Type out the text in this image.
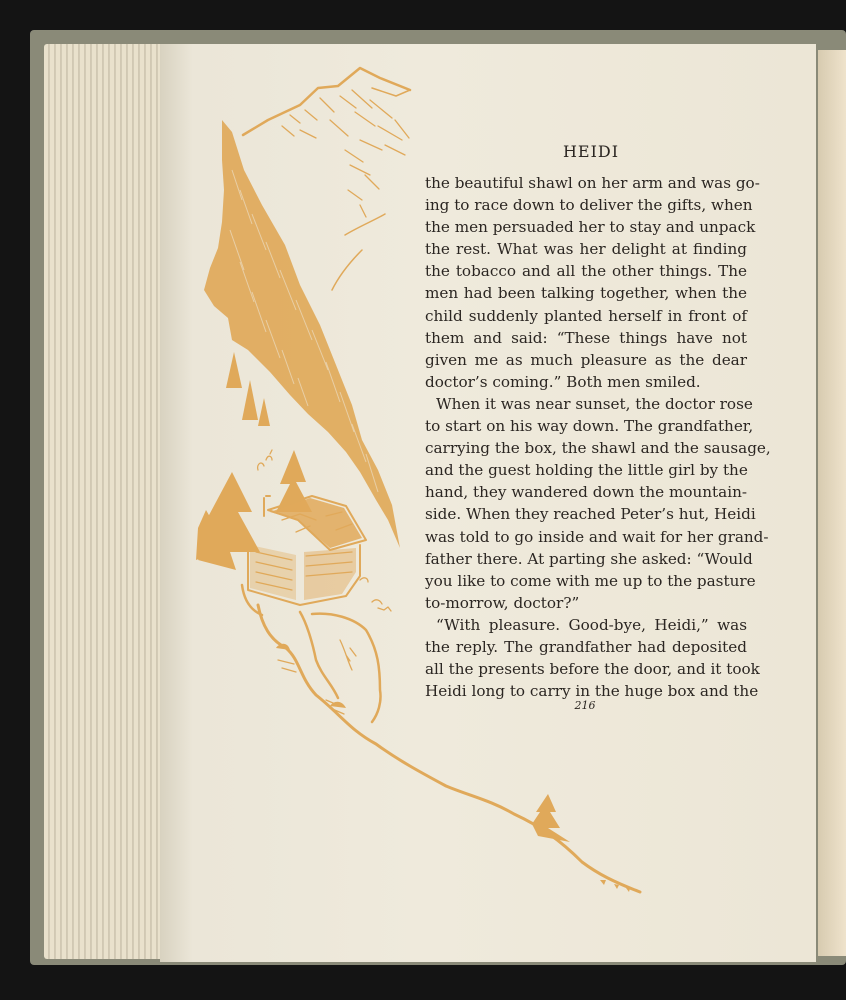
HEIDI
the beautiful shawl on her arm and was go-
ing to race down to deliver the gifts, when
the men persuaded her to stay and unpack
the rest. What was her delight at finding
the tobacco and all the other things. The
men had been talking together, when the
child suddenly planted herself in front of
them and said: “These things have not
given me as much pleasure as the dear
doctor’s coming.” Both men smiled.
When it was near sunset, the doctor rose
to start on his way down. The grandfather,
carrying the box, the shawl and the sausage,
and the guest holding the little girl by the
hand, they wandered down the mountain-
side. When they reached Peter’s hut, Heidi
was told to go inside and wait for her grand-
father there. At parting she asked: “Would
you like to come with me up to the pasture
to-morrow, doctor?”
“With pleasure. Good-bye, Heidi,” was
the reply. The grandfather had deposited
all the presents before the door, and it took
Heidi long to carry in the huge box and the
216
